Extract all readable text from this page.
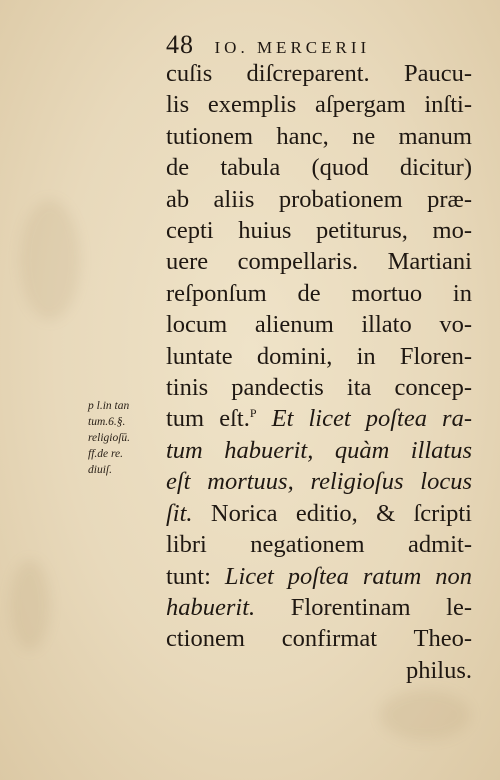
48 IO. MERCERII
cuſis diſcreparent. Paucu-
lis exemplis aſpergam inſti-
tutionem hanc, ne manum
de tabula (quod dicitur)
ab aliis probationem præ-
cepti huius petiturus, mo-
uere compellaris. Martiani
reſponſum de mortuo in
locum alienum illato vo-
luntate domini, in Floren-
tinis pandectis ita concep-
tum eſt.$^P$ Et licet poſtea ra-
tum habuerit, quàm illatus
eſt mortuus, religioſus locus
ſit. Norica editio, & ſcripti
libri negationem admit-
tunt: Licet poſtea ratum non
habuerit. Florentinam le-
ctionem confirmat Theo-
philus.
p l.in tan
tum.6.§.
religioſū.
ff.de re.
diuiſ.
